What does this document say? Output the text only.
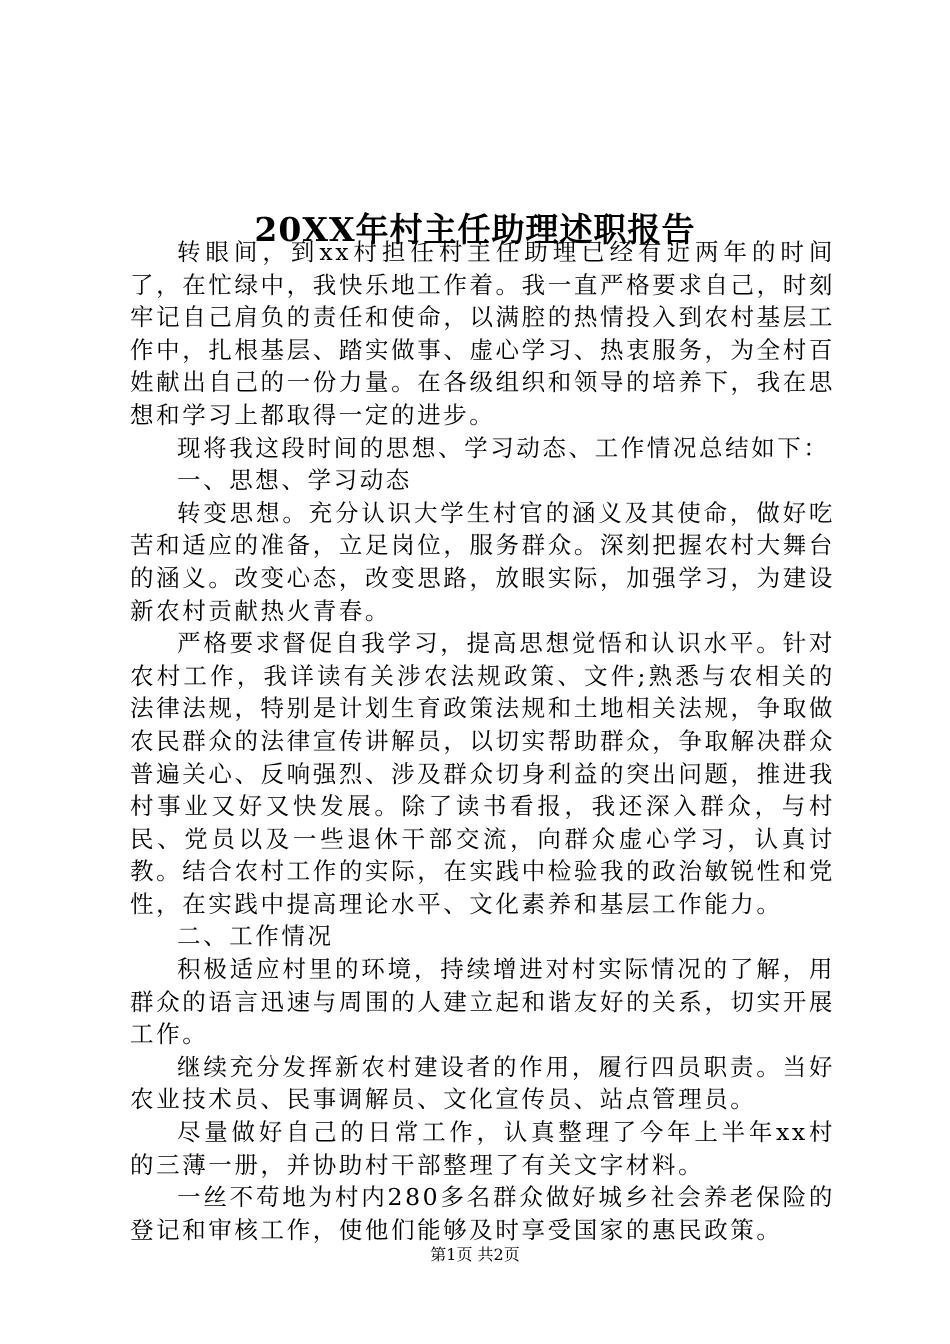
20XX年村主任助理述职报告

转眼间，到xx村担任村主任助理已经有近两年的时间了，在忙绿中，我快乐地工作着。我一直严格要求自己，时刻牢记自己肩负的责任和使命，以满腔的热情投入到农村基层工作中，扎根基层、踏实做事、虚心学习、热衷服务，为全村百姓献出自己的一份力量。在各级组织和领导的培养下，我在思想和学习上都取得一定的进步。

现将我这段时间的思想、学习动态、工作情况总结如下：

一、思想、学习动态

转变思想。充分认识大学生村官的涵义及其使命，做好吃苦和适应的准备，立足岗位，服务群众。深刻把握农村大舞台的涵义。改变心态，改变思路，放眼实际，加强学习，为建设新农村贡献热火青春。

严格要求督促自我学习，提高思想觉悟和认识水平。针对农村工作，我详读有关涉农法规政策、文件;熟悉与农相关的法律法规，特别是计划生育政策法规和土地相关法规，争取做农民群众的法律宣传讲解员，以切实帮助群众，争取解决群众普遍关心、反响强烈、涉及群众切身利益的突出问题，推进我村事业又好又快发展。除了读书看报，我还深入群众，与村民、党员以及一些退休干部交流，向群众虚心学习，认真讨教。结合农村工作的实际，在实践中检验我的政治敏锐性和党性，在实践中提高理论水平、文化素养和基层工作能力。

二、工作情况

积极适应村里的环境，持续增进对村实际情况的了解，用群众的语言迅速与周围的人建立起和谐友好的关系，切实开展工作。

继续充分发挥新农村建设者的作用，履行四员职责。当好农业技术员、民事调解员、文化宣传员、站点管理员。

尽量做好自己的日常工作，认真整理了今年上半年xx村的三薄一册，并协助村干部整理了有关文字材料。

一丝不苟地为村内280多名群众做好城乡社会养老保险的登记和审核工作，使他们能够及时享受国家的惠民政策。

第1页 共2页
